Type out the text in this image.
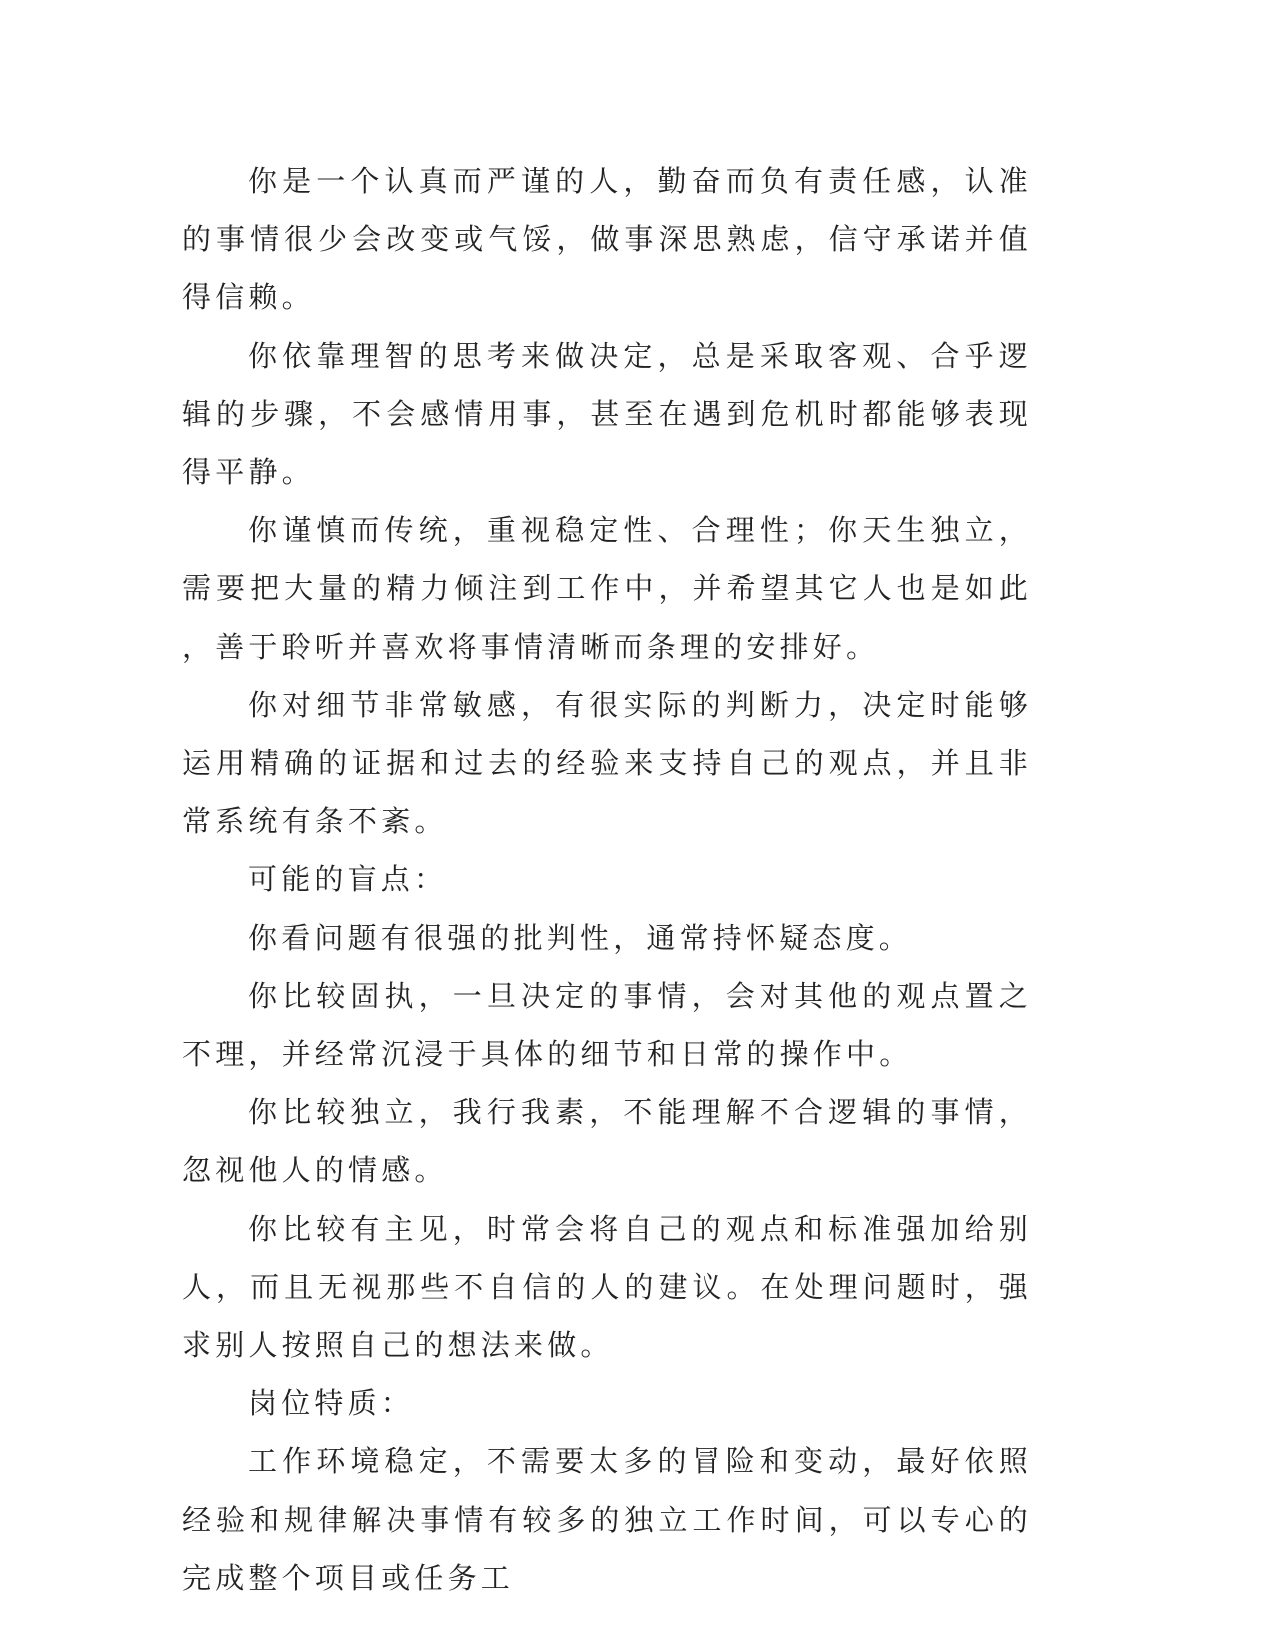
你是一个认真而严谨的人，勤奋而负有责任感，认准的事情很少会改变或气馁，做事深思熟虑，信守承诺并值得信赖。

你依靠理智的思考来做决定，总是采取客观、合乎逻辑的步骤，不会感情用事，甚至在遇到危机时都能够表现得平静。

你谨慎而传统，重视稳定性、合理性；你天生独立，需要把大量的精力倾注到工作中，并希望其它人也是如此，善于聆听并喜欢将事情清晰而条理的安排好。

你对细节非常敏感，有很实际的判断力，决定时能够运用精确的证据和过去的经验来支持自己的观点，并且非常系统有条不紊。

可能的盲点：

你看问题有很强的批判性，通常持怀疑态度。

你比较固执，一旦决定的事情，会对其他的观点置之不理，并经常沉浸于具体的细节和日常的操作中。

你比较独立，我行我素，不能理解不合逻辑的事情，忽视他人的情感。

你比较有主见，时常会将自己的观点和标准强加给别人，而且无视那些不自信的人的建议。在处理问题时，强求别人按照自己的想法来做。

岗位特质：

工作环境稳定，不需要太多的冒险和变动，最好依照经验和规律解决事情有较多的独立工作时间，可以专心的完成整个项目或任务工
